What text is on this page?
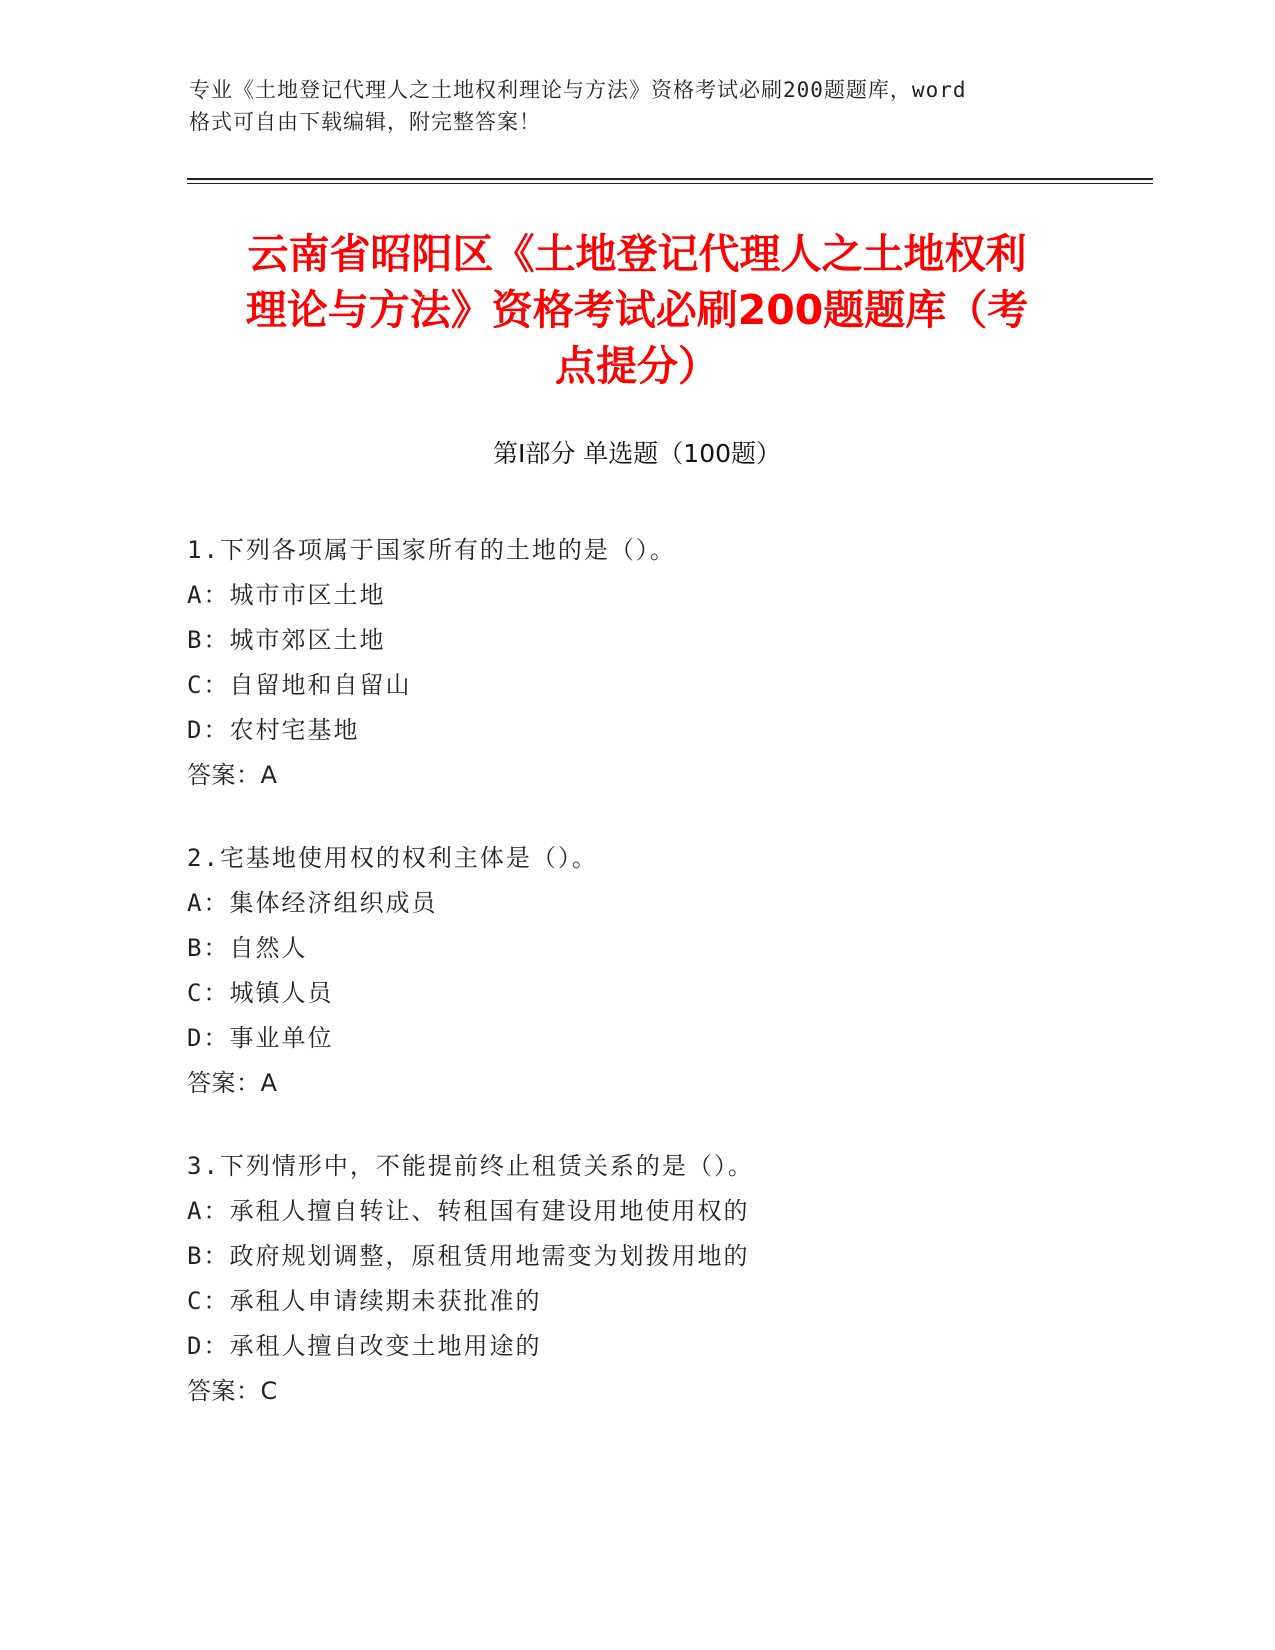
专业《土地登记代理人之土地权利理论与方法》资格考试必刷200题题库，word
格式可自由下载编辑，附完整答案！
云南省昭阳区《土地登记代理人之土地权利
理论与方法》资格考试必刷200题题库（考
点提分）
第Ⅰ部分 单选题（100题）
1.下列各项属于国家所有的土地的是（）。
A：城市市区土地
B：城市郊区土地
C：自留地和自留山
D：农村宅基地
答案：A
2.宅基地使用权的权利主体是（）。
A：集体经济组织成员
B：自然人
C：城镇人员
D：事业单位
答案：A
3.下列情形中，不能提前终止租赁关系的是（）。
A：承租人擅自转让、转租国有建设用地使用权的
B：政府规划调整，原租赁用地需变为划拨用地的
C：承租人申请续期未获批准的
D：承租人擅自改变土地用途的
答案：C
